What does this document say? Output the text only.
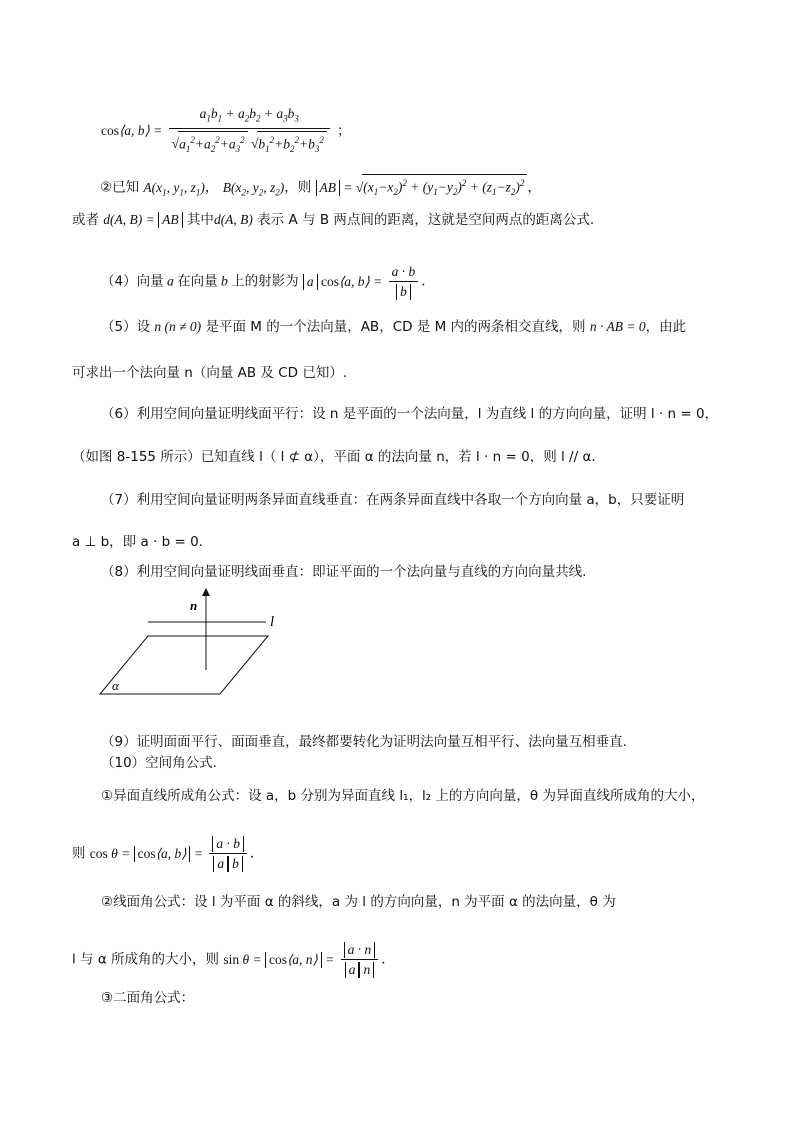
cos⟨a, b⟩ = $\frac{a_1b_1 + a_2b_2 + a_3b_3}{√a_1^2+a_2^2+a_3^2 √b_1^2+b_2^2+b_3^2}$ ；
②已知 $A(x_1$, $y_1$, $z_1$)， $B(x_2$, $y_2$, $z_2$)，则 AB = $√(x_1-x_2)^2 + (y_1-y_2)^2 + (z_1-z_2)^2$ ，
或者 d(A, B) = AB 其中d(A, B) 表示 A 与 B 两点间的距离，这就是空间两点的距离公式.
（4）向量 a 在向量 b 上的射影为 a cos⟨a, b⟩ = $\frac{a \cdot b}{b}$ .
（5）设 n (n ≠ 0) 是平面 M 的一个法向量，AB，CD 是 M 内的两条相交直线，则 n · AB = 0，由此
可求出一个法向量 n（向量 AB 及 CD 已知）.
（6）利用空间向量证明线面平行：设 n 是平面的一个法向量，l 为直线 l 的方向向量，证明 l · n = 0，
（如图 8-155 所示）已知直线 l（ l ⊄ α），平面 α 的法向量 n，若 l · n = 0，则 l // α.
（7）利用空间向量证明两条异面直线垂直：在两条异面直线中各取一个方向向量 a，b，只要证明
a ⊥ b，即 a · b = 0.
（8）利用空间向量证明线面垂直：即证平面的一个法向量与直线的方向向量共线.
n
l
α
（9）证明面面平行、面面垂直，最终都要转化为证明法向量互相平行、法向量互相垂直.
（10）空间角公式.
①异面直线所成角公式：设 a，b 分别为异面直线 l₁，l₂ 上的方向向量，θ 为异面直线所成角的大小，
则 cos θ = cos⟨a, b⟩ = $\frac{a \cdot b}{\text{a b}}$ .
②线面角公式：设 l 为平面 α 的斜线，a 为 l 的方向向量，n 为平面 α 的法向量，θ 为
l 与 α 所成角的大小，则 sin θ = cos⟨a, n⟩ = $\frac{a \cdot n}{\text{a n}}$ .
③二面角公式：
